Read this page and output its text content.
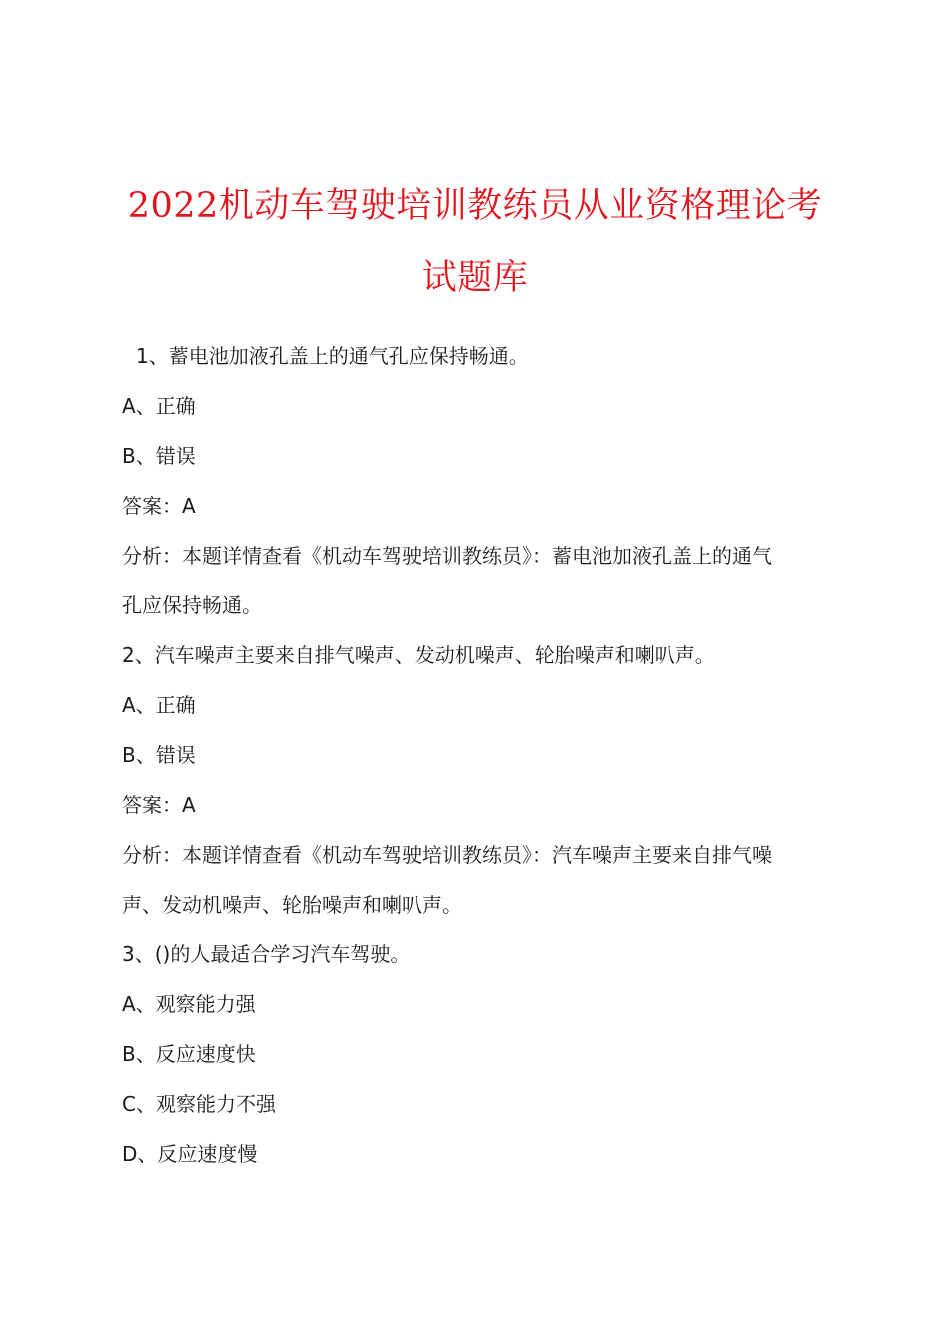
2022机动车驾驶培训教练员从业资格理论考
试题库
1、蓄电池加液孔盖上的通气孔应保持畅通。
A、正确
B、错误
答案：A
分析：本题详情查看《机动车驾驶培训教练员》：蓄电池加液孔盖上的通气
孔应保持畅通。
2、汽车噪声主要来自排气噪声、发动机噪声、轮胎噪声和喇叭声。
A、正确
B、错误
答案：A
分析：本题详情查看《机动车驾驶培训教练员》：汽车噪声主要来自排气噪
声、发动机噪声、轮胎噪声和喇叭声。
3、()的人最适合学习汽车驾驶。
A、观察能力强
B、反应速度快
C、观察能力不强
D、反应速度慢
